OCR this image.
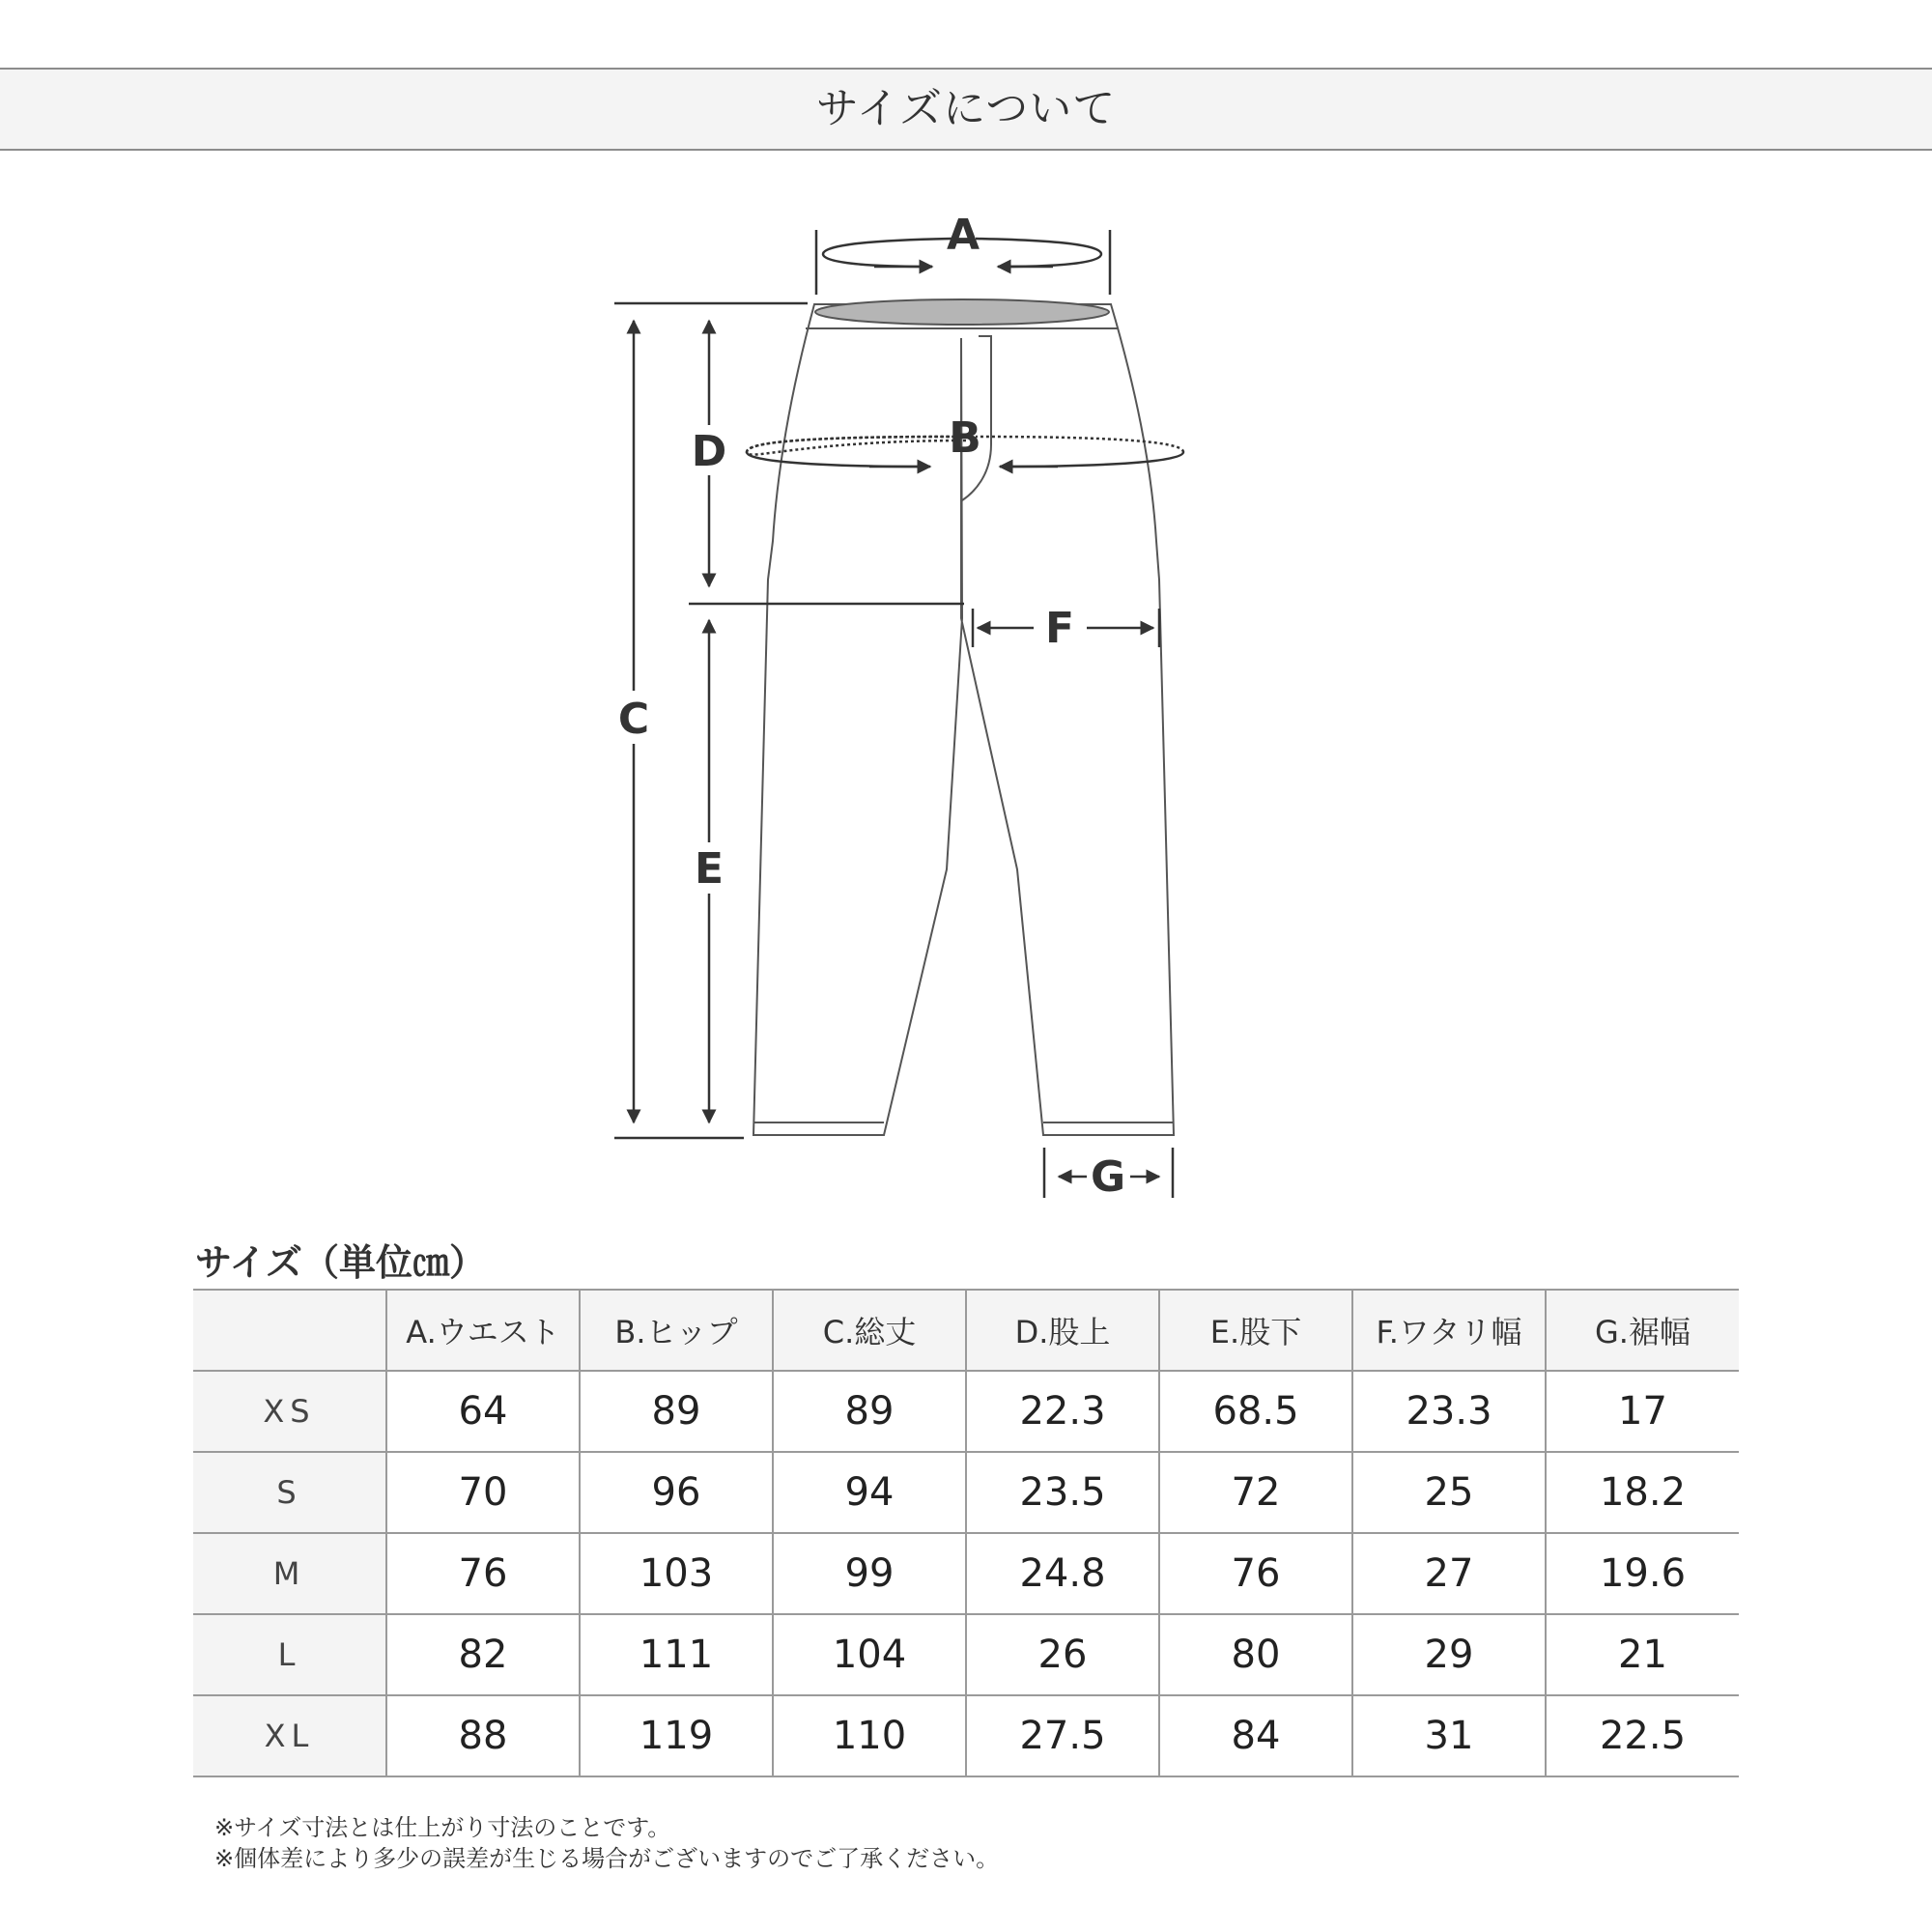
サイズについて
A
B
C
D
E
F
G
サイズ（単位㎝）
	A.ウエスト	B.ヒップ	C.総丈	D.股上	E.股下	F.ワタリ幅	G.裾幅
XS	64	89	89	22.3	68.5	23.3	17
S	70	96	94	23.5	72	25	18.2
M	76	103	99	24.8	76	27	19.6
L	82	111	104	26	80	29	21
XL	88	119	110	27.5	84	31	22.5
※サイズ寸法とは仕上がり寸法のことです。
※個体差により多少の誤差が生じる場合がございますのでご了承ください。
